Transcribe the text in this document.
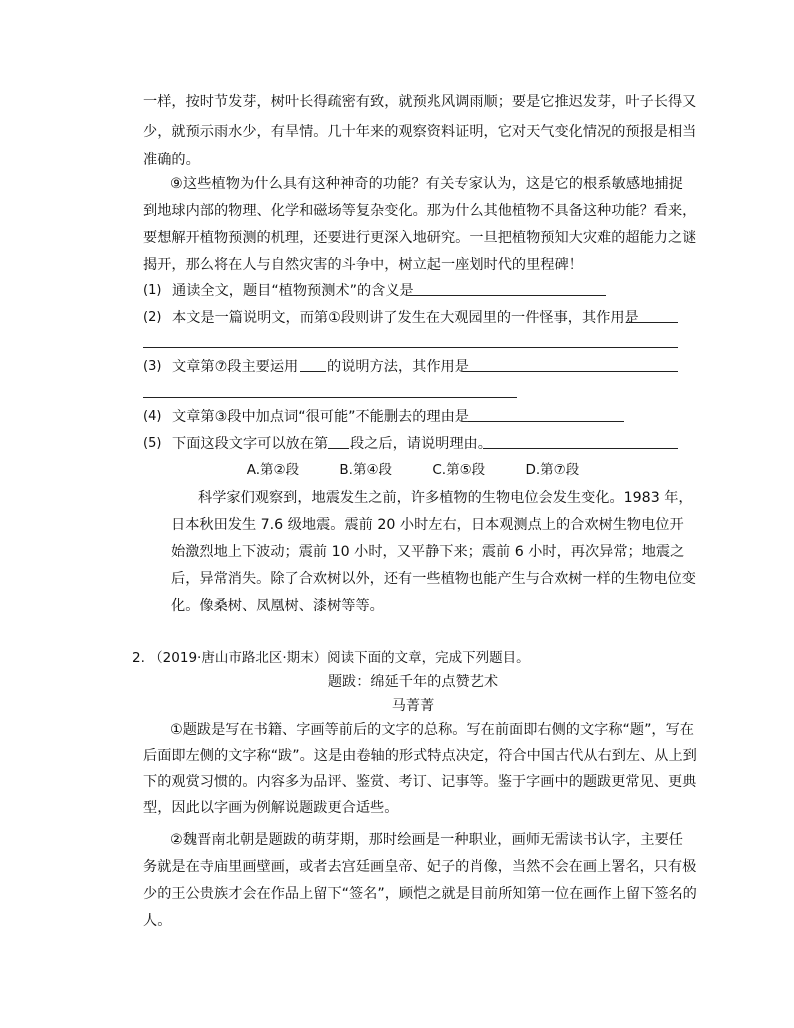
一样，按时节发芽，树叶长得疏密有致，就预兆风调雨顺；要是它推迟发芽，叶子长得又
少，就预示雨水少，有旱情。几十年来的观察资料证明，它对天气变化情况的预报是相当
准确的。
⑨这些植物为什么具有这种神奇的功能？有关专家认为，这是它的根系敏感地捕捉
到地球内部的物理、化学和磁场等复杂变化。那为什么其他植物不具备这种功能？看来，
要想解开植物预测的机理，还要进行更深入地研究。一旦把植物预知大灾难的超能力之谜
揭开，那么将在人与自然灾害的斗争中，树立起一座划时代的里程碑！
(1) 通读全文，题目“植物预测术”的含义是
(2) 本文是一篇说明文，而第①段则讲了发生在大观园里的一件怪事，其作用是
(3) 文章第⑦段主要运用 的说明方法，其作用是
(4) 文章第③段中加点词“很可能”不能删去的理由是
(5) 下面这段文字可以放在第 段之后，请说明理由。
A.第②段	B.第④段	C.第⑤段	D.第⑦段
科学家们观察到，地震发生之前，许多植物的生物电位会发生变化。1983 年，
日本秋田发生 7.6 级地震。震前 20 小时左右，日本观测点上的合欢树生物电位开
始激烈地上下波动；震前 10 小时，又平静下来；震前 6 小时，再次异常；地震之
后，异常消失。除了合欢树以外，还有一些植物也能产生与合欢树一样的生物电位变
化。像桑树、凤凰树、漆树等等。
2. （2019·唐山市路北区·期末）阅读下面的文章，完成下列题目。
题跋：绵延千年的点赞艺术
马菁菁
①题跋是写在书籍、字画等前后的文字的总称。写在前面即右侧的文字称“题”，写在
后面即左侧的文字称“跋”。这是由卷轴的形式特点决定，符合中国古代从右到左、从上到
下的观赏习惯的。内容多为品评、鉴赏、考订、记事等。鉴于字画中的题跋更常见、更典
型，因此以字画为例解说题跋更合适些。
②魏晋南北朝是题跋的萌芽期，那时绘画是一种职业，画师无需读书认字，主要任
务就是在寺庙里画壁画，或者去宫廷画皇帝、妃子的肖像，当然不会在画上署名，只有极
少的王公贵族才会在作品上留下“签名”，顾恺之就是目前所知第一位在画作上留下签名的
人。
